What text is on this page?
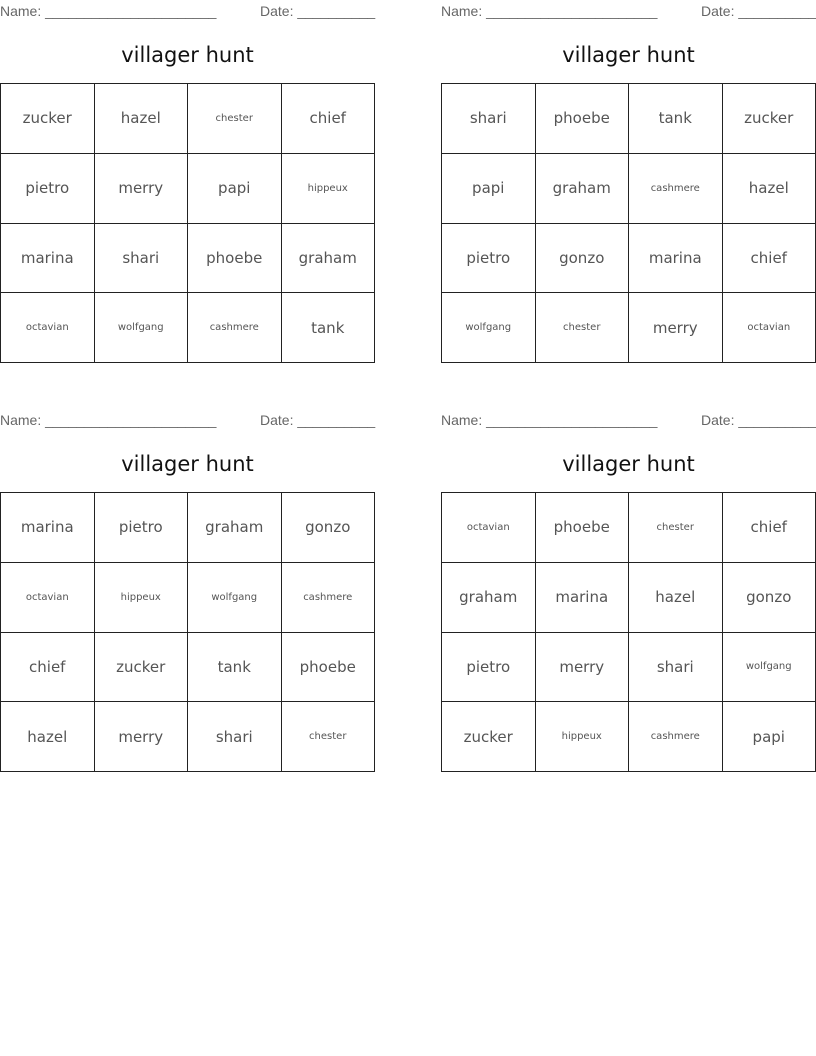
Name: ______________________	Date: __________
villager hunt
zucker	hazel	chester	chief
pietro	merry	papi	hippeux
marina	shari	phoebe	graham
octavian	wolfgang	cashmere	tank
Name: ______________________	Date: __________
villager hunt
shari	phoebe	tank	zucker
papi	graham	cashmere	hazel
pietro	gonzo	marina	chief
wolfgang	chester	merry	octavian
Name: ______________________	Date: __________
villager hunt
marina	pietro	graham	gonzo
octavian	hippeux	wolfgang	cashmere
chief	zucker	tank	phoebe
hazel	merry	shari	chester
Name: ______________________	Date: __________
villager hunt
octavian	phoebe	chester	chief
graham	marina	hazel	gonzo
pietro	merry	shari	wolfgang
zucker	hippeux	cashmere	papi
